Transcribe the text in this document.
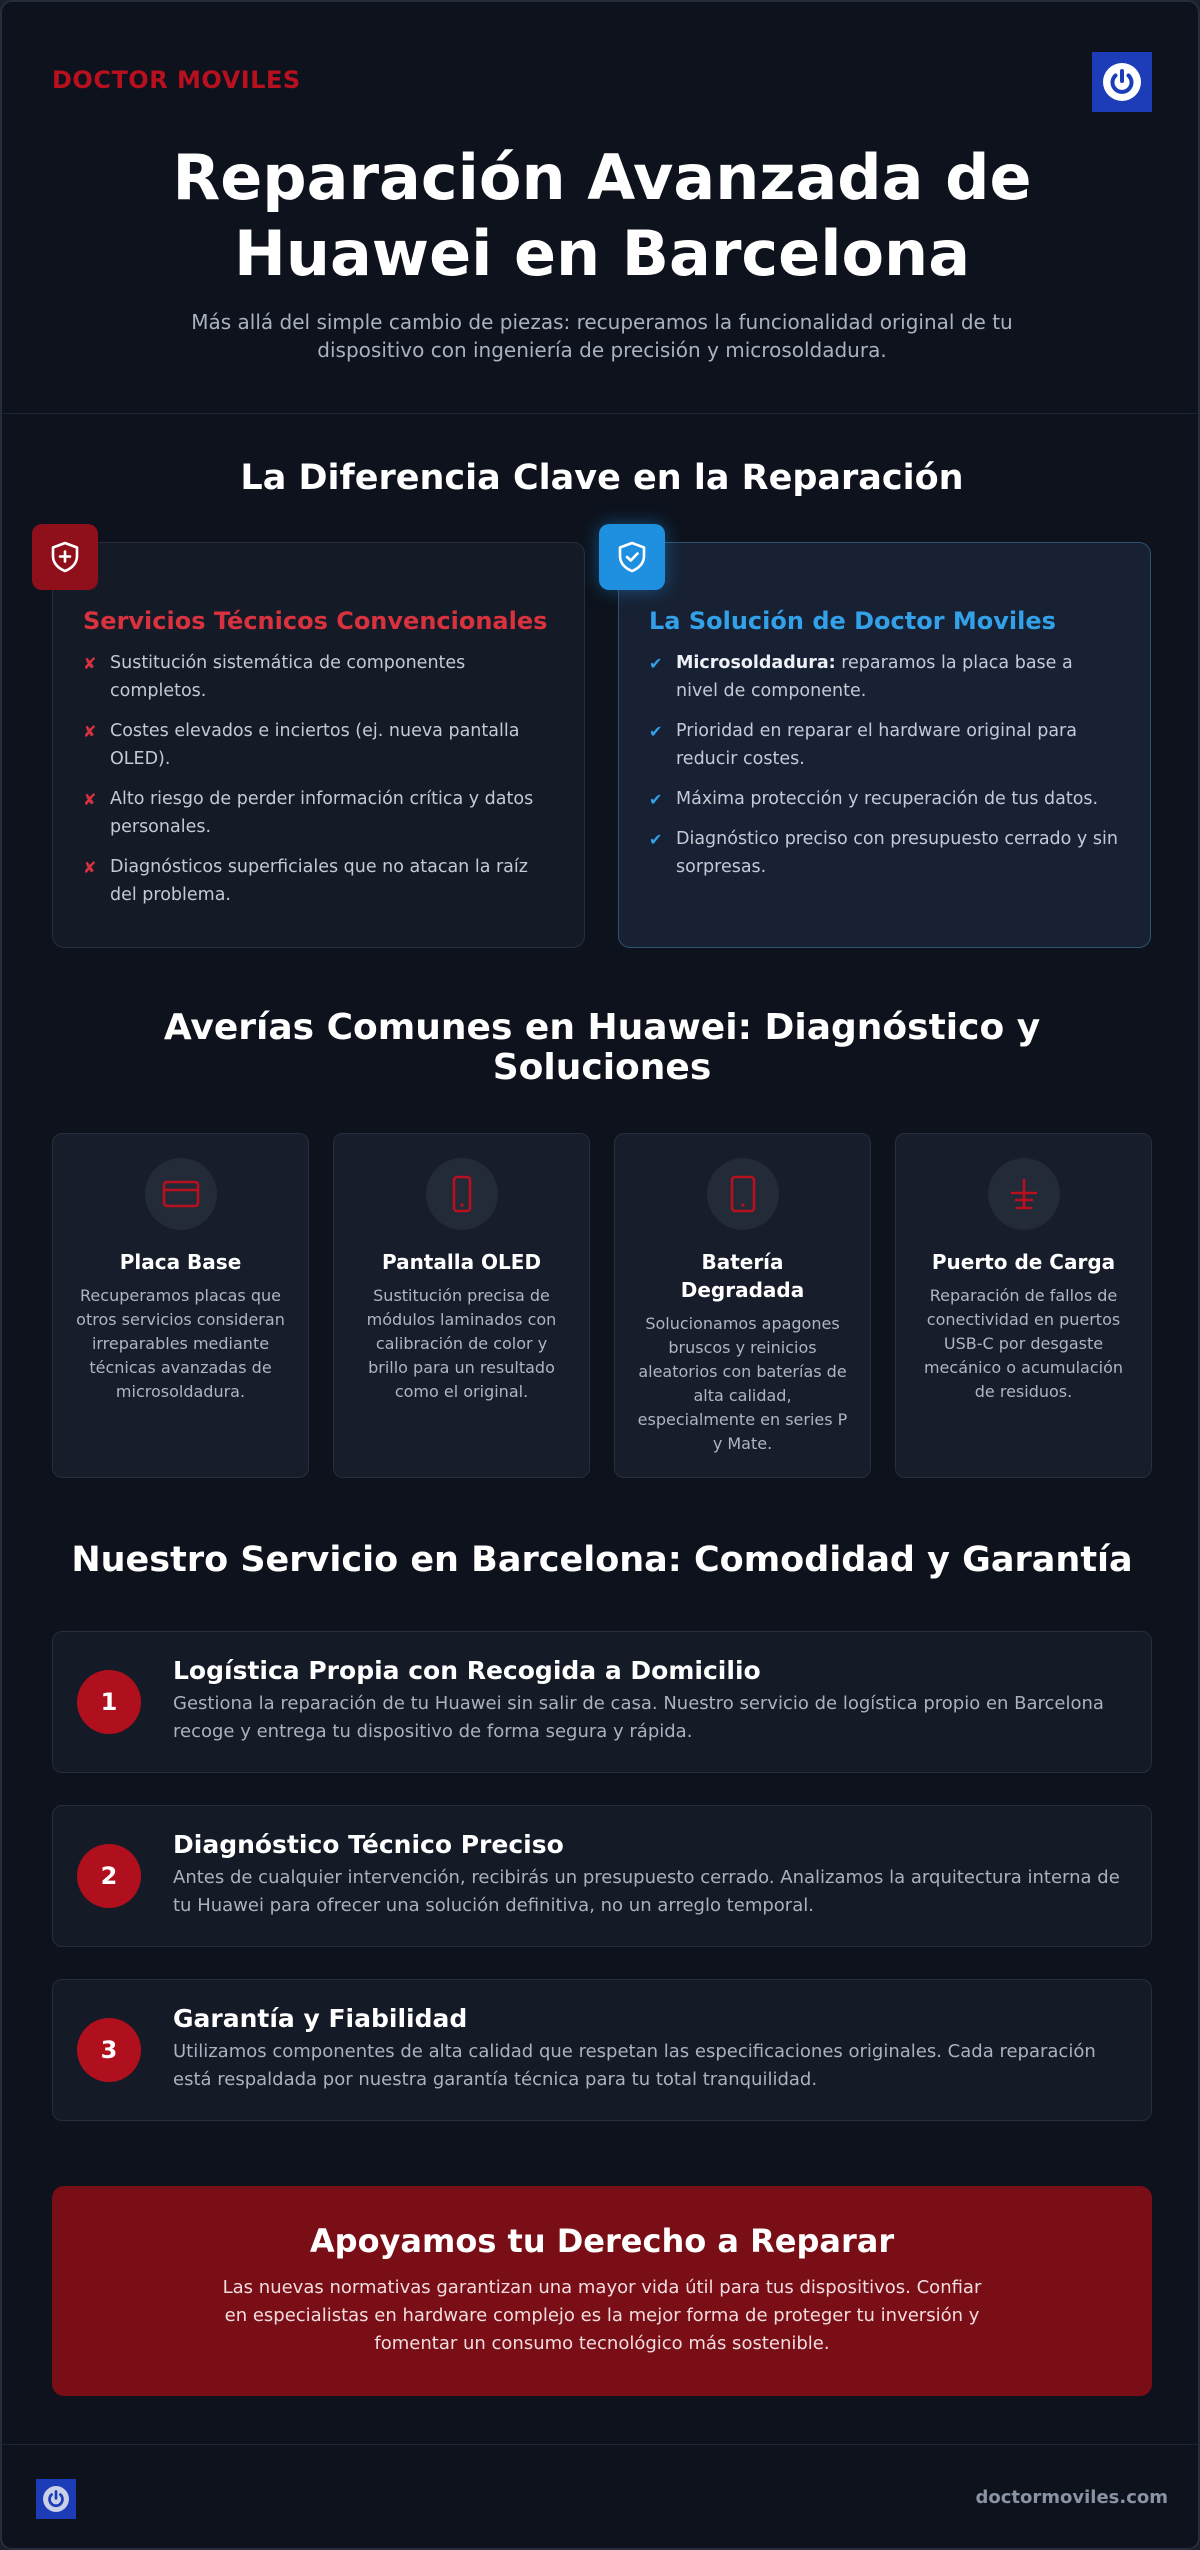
DOCTOR MOVILES
Reparación Avanzada de Huawei en Barcelona

Más allá del simple cambio de piezas: recuperamos la funcionalidad original de tu dispositivo con ingeniería de precisión y microsoldadura.

La Diferencia Clave en la Reparación
Servicios Técnicos Convencionales
✘ Sustitución sistemática de componentes completos.
✘ Costes elevados e inciertos (ej. nueva pantalla OLED).
✘ Alto riesgo de perder información crítica y datos personales.
✘ Diagnósticos superficiales que no atacan la raíz del problema.
La Solución de Doctor Moviles
✔ Microsoldadura: reparamos la placa base a nivel de componente.
✔ Prioridad en reparar el hardware original para reducir costes.
✔ Máxima protección y recuperación de tus datos.
✔ Diagnóstico preciso con presupuesto cerrado y sin sorpresas.
Averías Comunes en Huawei: Diagnóstico y Soluciones
Placa Base
Recuperamos placas que otros servicios consideran irreparables mediante técnicas avanzadas de microsoldadura.
Pantalla OLED
Sustitución precisa de módulos laminados con calibración de color y brillo para un resultado como el original.
Batería Degradada
Solucionamos apagones bruscos y reinicios aleatorios con baterías de alta calidad, especialmente en series P y Mate.
Puerto de Carga
Reparación de fallos de conectividad en puertos USB-C por desgaste mecánico o acumulación de residuos.
Nuestro Servicio en Barcelona: Comodidad y Garantía
1
Logística Propia con Recogida a Domicilio
Gestiona la reparación de tu Huawei sin salir de casa. Nuestro servicio de logística propio en Barcelona recoge y entrega tu dispositivo de forma segura y rápida.
2
Diagnóstico Técnico Preciso
Antes de cualquier intervención, recibirás un presupuesto cerrado. Analizamos la arquitectura interna de tu Huawei para ofrecer una solución definitiva, no un arreglo temporal.
3
Garantía y Fiabilidad
Utilizamos componentes de alta calidad que respetan las especificaciones originales. Cada reparación está respaldada por nuestra garantía técnica para tu total tranquilidad.
Apoyamos tu Derecho a Reparar
Las nuevas normativas garantizan una mayor vida útil para tus dispositivos. Confiar en especialistas en hardware complejo es la mejor forma de proteger tu inversión y fomentar un consumo tecnológico más sostenible.
doctormoviles.com
